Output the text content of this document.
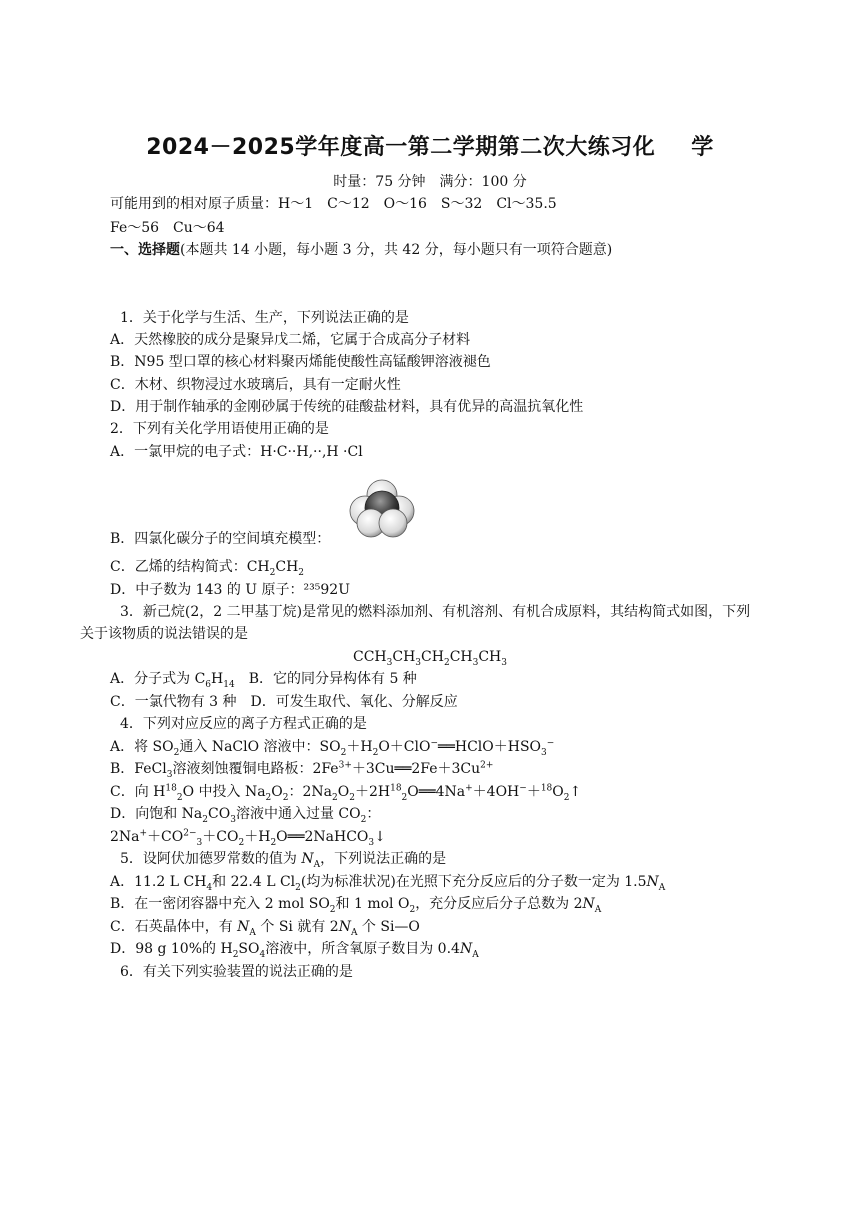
2024－2025学年度高一第二学期第二次大练习化 学
时量：75 分钟　满分：100 分
可能用到的相对原子质量：H～1　C～12　O～16　S～32　Cl～35.5
Fe～56　Cu～64
一、选择题(本题共 14 小题，每小题 3 分，共 42 分，每小题只有一项符合题意)
1．关于化学与生活、生产，下列说法正确的是
A．天然橡胶的成分是聚异戊二烯，它属于合成高分子材料
B．N95 型口罩的核心材料聚丙烯能使酸性高锰酸钾溶液褪色
C．木材、织物浸过水玻璃后，具有一定耐火性
D．用于制作轴承的金刚砂属于传统的硅酸盐材料，具有优异的高温抗氧化性
2．下列有关化学用语使用正确的是
A．一氯甲烷的电子式：H·C··H,··,H ·Cl
B．四氯化碳分子的空间填充模型：
C．乙烯的结构简式：$CH_2CH_2$
D．中子数为 143 的 U 原子：²³⁵92U
3．新己烷(2，2 二甲基丁烷)是常见的燃料添加剂、有机溶剂、有机合成原料，其结构简式如图，下列
关于该物质的说法错误的是
$CCH_3CH_3CH_2CH_3CH_3$
A．分子式为 $C_6H_{14}$　 B．它的同分异构体有 5 种
C．一氯代物有 3 种　D．可发生取代、氧化、分解反应
4．下列对应反应的离子方程式正确的是
A．将 $SO_2$通入 NaClO 溶液中：$SO_2+H_2O+ClO^-══HClO+HSO_3^-$
B．FeCl$_3$溶液刻蚀覆铜电路板：$2Fe^{3+}+3Cu══2Fe+3Cu^{2+}$
C．向 $H^{18}_2O$ 中投入 $Na_2O_2$：$2Na_2O_2+2H^{18}_2O══4Na^++4OH^-+^{18}O_2↑$
D．向饱和 $Na_2CO_3$溶液中通入过量 $CO_2$：
$2Na^++CO^{2-}_3+CO_2+H_2O══2NaHCO_3↓$
5．设阿伏加德罗常数的值为 $N_A$，下列说法正确的是
A．11.2 L $CH_4$和 22.4 L $Cl_2$(均为标准状况)在光照下充分反应后的分子数一定为 $1.5N_A$
B．在一密闭容器中充入 2 mol $SO_2$和 1 mol $O_2$，充分反应后分子总数为 $2N_A$
C．石英晶体中，有 $N_A$ 个 Si 就有 $2N_A$ 个 Si—O
D．98 g 10%的 $H_2SO_4$溶液中，所含氧原子数目为 $0.4N_A$
6．有关下列实验装置的说法正确的是
